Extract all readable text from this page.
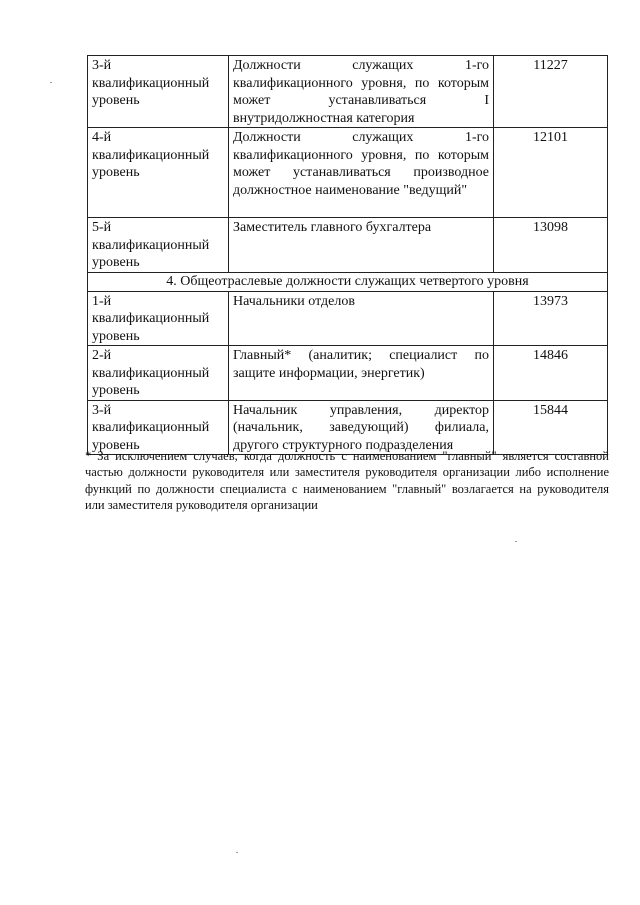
3-й квалификационный уровень	Должности служащих 1-го квалификационного уровня, по которым может устанавливаться I внутридолжностная категория	11227
4-й квалификационный уровень	Должности служащих 1-го квалификационного уровня, по которым может устанавливаться производное должностное наименование "ведущий"	12101
5-й квалификационный уровень	Заместитель главного бухгалтера	13098
4. Общеотраслевые должности служащих четвертого уровня		
1-й квалификационный уровень	Начальники отделов	13973
2-й квалификационный уровень	Главный* (аналитик; специалист по защите информации, энергетик)	14846
3-й квалификационный уровень	Начальник управления, директор (начальник, заведующий) филиала, другого структурного подразделения	15844
* За исключением случаев, когда должность с наименованием "главный" является составной частью должности руководителя или заместителя руководителя организации либо исполнение функций по должности специалиста с наименованием "главный" возлагается на руководителя или заместителя руководителя организации
